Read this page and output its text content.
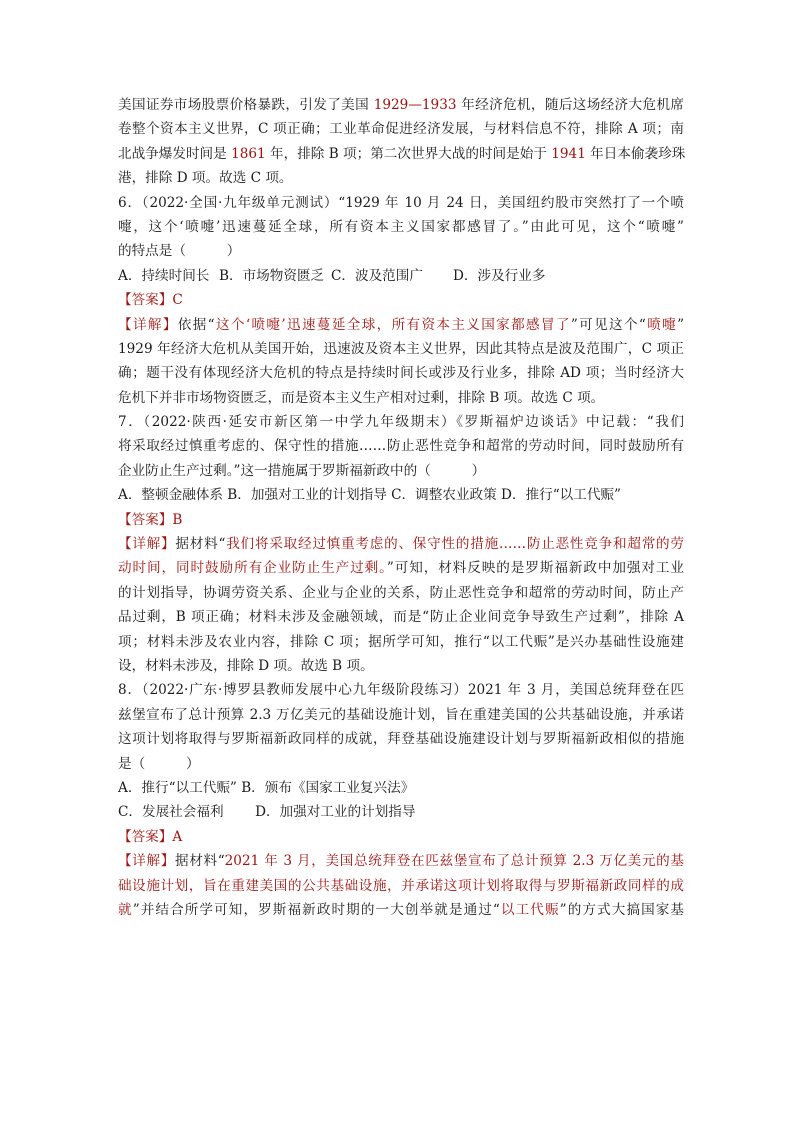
美国证券市场股票价格暴跌，引发了美国 1929—1933 年经济危机，随后这场经济大危机席
卷整个资本主义世界，C 项正确；工业革命促进经济发展，与材料信息不符，排除 A 项；南
北战争爆发时间是 1861 年，排除 B 项；第二次世界大战的时间是始于 1941 年日本偷袭珍珠
港，排除 D 项。故选 C 项。
6．（2022·全国·九年级单元测试）“1929 年 10 月 24 日，美国纽约股市突然打了一个喷
嚏，这个‘喷嚏’迅速蔓延全球，所有资本主义国家都感冒了。”由此可见，这个“喷嚏”
的特点是（　　　）
A．持续时间长 B．市场物资匮乏 C．波及范围广 D．涉及行业多
【答案】C
【详解】依据“这个‘喷嚏’迅速蔓延全球，所有资本主义国家都感冒了”可见这个“喷嚏”
1929 年经济大危机从美国开始，迅速波及资本主义世界，因此其特点是波及范围广，C 项正
确；题干没有体现经济大危机的特点是持续时间长或涉及行业多，排除 AD 项；当时经济大
危机下并非市场物资匮乏，而是资本主义生产相对过剩，排除 B 项。故选 C 项。
7．（2022·陕西·延安市新区第一中学九年级期末）《罗斯福炉边谈话》中记载：“我们
将采取经过慎重考虑的、保守性的措施……防止恶性竞争和超常的劳动时间，同时鼓励所有
企业防止生产过剩。”这一措施属于罗斯福新政中的（　　　）
A．整顿金融体系 B．加强对工业的计划指导 C．调整农业政策 D．推行“以工代赈”
【答案】B
【详解】据材料“我们将采取经过慎重考虑的、保守性的措施……防止恶性竞争和超常的劳
动时间，同时鼓励所有企业防止生产过剩。”可知，材料反映的是罗斯福新政中加强对工业
的计划指导，协调劳资关系、企业与企业的关系，防止恶性竞争和超常的劳动时间，防止产
品过剩，B 项正确；材料未涉及金融领域，而是“防止企业间竞争导致生产过剩”，排除 A
项；材料未涉及农业内容，排除 C 项；据所学可知，推行“以工代赈”是兴办基础性设施建
设，材料未涉及，排除 D 项。故选 B 项。
8．（2022·广东·博罗县教师发展中心九年级阶段练习）2021 年 3 月，美国总统拜登在匹
兹堡宣布了总计预算 2.3 万亿美元的基础设施计划，旨在重建美国的公共基础设施，并承诺
这项计划将取得与罗斯福新政同样的成就，拜登基础设施建设计划与罗斯福新政相似的措施
是（　　　）
A．推行“以工代赈” B．颁布《国家工业复兴法》
C．发展社会福利　　 D．加强对工业的计划指导
【答案】A
【详解】据材料“2021 年 3 月，美国总统拜登在匹兹堡宣布了总计预算 2.3 万亿美元的基
础设施计划，旨在重建美国的公共基础设施，并承诺这项计划将取得与罗斯福新政同样的成
就”并结合所学可知，罗斯福新政时期的一大创举就是通过“以工代赈”的方式大搞国家基
